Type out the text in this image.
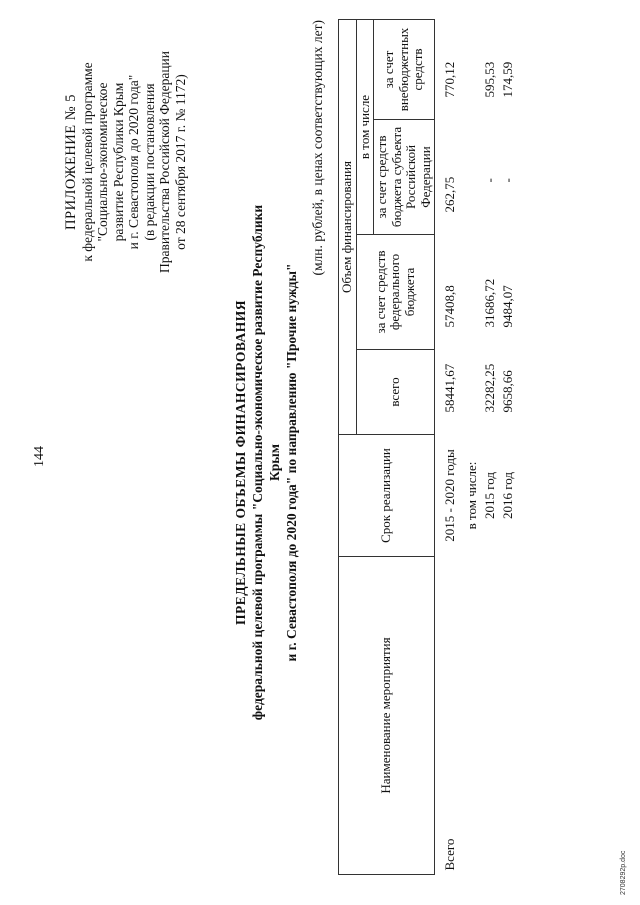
144
ПРИЛОЖЕНИЕ № 5 к федеральной целевой программе "Социально-экономическое развитие Республики Крым и г. Севастополя до 2020 года" (в редакции постановления Правительства Российской Федерации от 28 сентября 2017 г. № 1172)
ПРЕДЕЛЬНЫЕ ОБЪЕМЫ ФИНАНСИРОВАНИЯ федеральной целевой программы "Социально-экономическое развитие Республики Крым и г. Севастополя до 2020 года" по направлению "Прочие нужды"
(млн. рублей, в ценах соответствующих лет)
Наименование мероприятия	Срок реализации	Объем финансирования			
		всего	за счет средств федерального бюджета	в том числе	
				за счет средств бюджета субъекта Российской Федерации	за счет внебюджетных средств
Всего	2015 - 2020 годы	58441,67	57408,8	262,75	770,12
	в том числе:				
	2015 год	32282,25	31686,72	-	595,53
	2016 год	9658,66	9484,07	-	174,59
2708292р.doc
